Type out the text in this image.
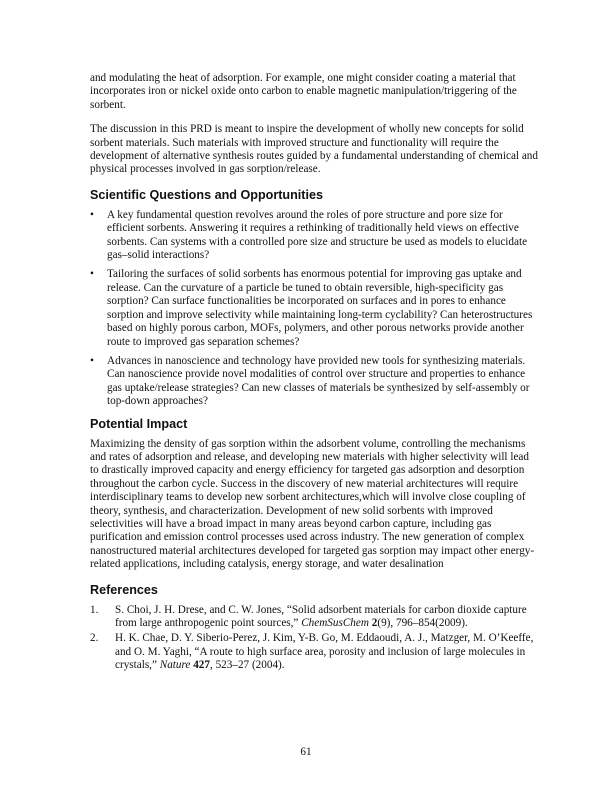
and modulating the heat of adsorption. For example, one might consider coating a material that incorporates iron or nickel oxide onto carbon to enable magnetic manipulation/triggering of the sorbent.

The discussion in this PRD is meant to inspire the development of wholly new concepts for solid sorbent materials. Such materials with improved structure and functionality will require the development of alternative synthesis routes guided by a fundamental understanding of chemical and physical processes involved in gas sorption/release.

Scientific Questions and Opportunities
• A key fundamental question revolves around the roles of pore structure and pore size for efficient sorbents. Answering it requires a rethinking of traditionally held views on effective sorbents. Can systems with a controlled pore size and structure be used as models to elucidate gas–solid interactions?
• Tailoring the surfaces of solid sorbents has enormous potential for improving gas uptake and release. Can the curvature of a particle be tuned to obtain reversible, high-specificity gas sorption? Can surface functionalities be incorporated on surfaces and in pores to enhance sorption and improve selectivity while maintaining long-term cyclability? Can heterostructures based on highly porous carbon, MOFs, polymers, and other porous networks provide another route to improved gas separation schemes?
• Advances in nanoscience and technology have provided new tools for synthesizing materials. Can nanoscience provide novel modalities of control over structure and properties to enhance gas uptake/release strategies? Can new classes of materials be synthesized by self-assembly or top-down approaches?
Potential Impact

Maximizing the density of gas sorption within the adsorbent volume, controlling the mechanisms and rates of adsorption and release, and developing new materials with higher selectivity will lead to drastically improved capacity and energy efficiency for targeted gas adsorption and desorption throughout the carbon cycle. Success in the discovery of new material architectures will require interdisciplinary teams to develop new sorbent architectures,which will involve close coupling of theory, synthesis, and characterization. Development of new solid sorbents with improved selectivities will have a broad impact in many areas beyond carbon capture, including gas purification and emission control processes used across industry. The new generation of complex nanostructured material architectures developed for targeted gas sorption may impact other energy-related applications, including catalysis, energy storage, and water desalination

References
1. S. Choi, J. H. Drese, and C. W. Jones, “Solid adsorbent materials for carbon dioxide capture from large anthropogenic point sources,” ChemSusChem 2(9), 796–854(2009).
2. H. K. Chae, D. Y. Siberio-Perez, J. Kim, Y-B. Go, M. Eddaoudi, A. J., Matzger, M. O’Keeffe, and O. M. Yaghi, “A route to high surface area, porosity and inclusion of large molecules in crystals,” Nature 427, 523–27 (2004).
61
